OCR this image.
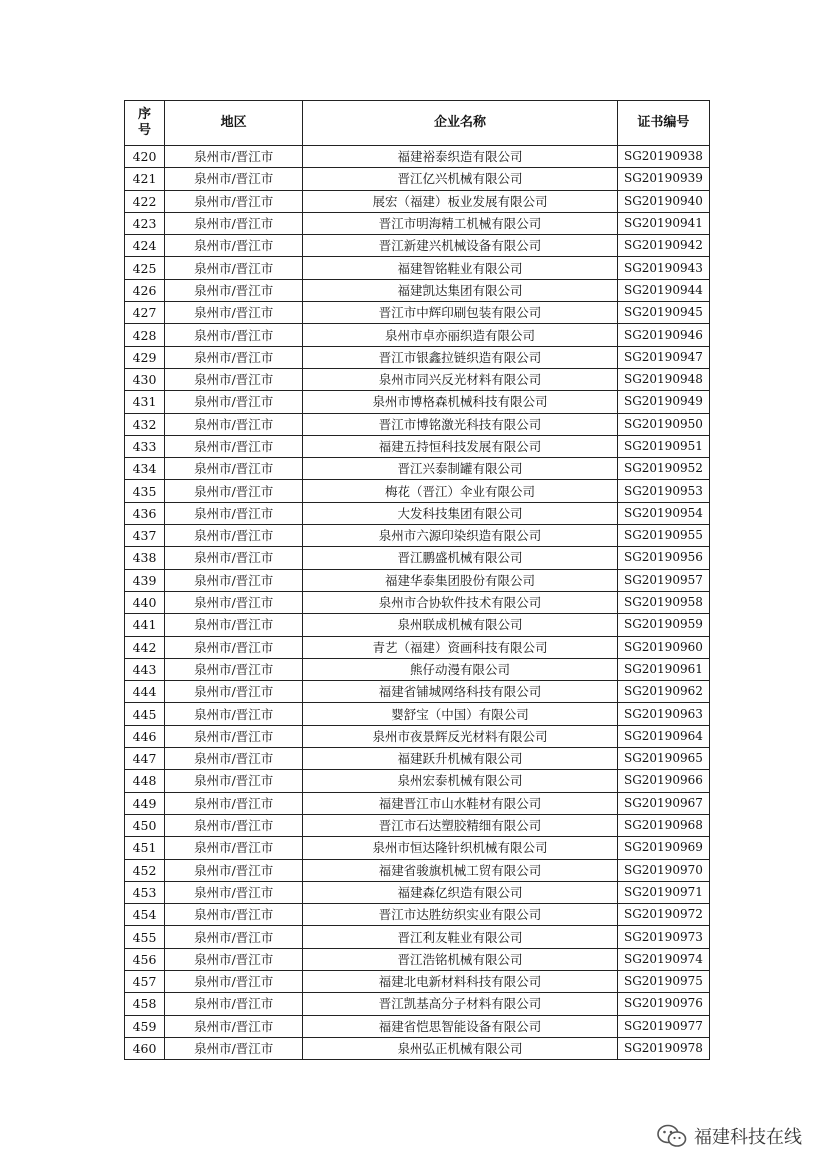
序
号	地区	企业名称	证书编号
420	泉州市/晋江市	福建裕泰织造有限公司	SG20190938
421	泉州市/晋江市	晋江亿兴机械有限公司	SG20190939
422	泉州市/晋江市	展宏（福建）板业发展有限公司	SG20190940
423	泉州市/晋江市	晋江市明海精工机械有限公司	SG20190941
424	泉州市/晋江市	晋江新建兴机械设备有限公司	SG20190942
425	泉州市/晋江市	福建智铭鞋业有限公司	SG20190943
426	泉州市/晋江市	福建凯达集团有限公司	SG20190944
427	泉州市/晋江市	晋江市中辉印刷包装有限公司	SG20190945
428	泉州市/晋江市	泉州市卓亦丽织造有限公司	SG20190946
429	泉州市/晋江市	晋江市银鑫拉链织造有限公司	SG20190947
430	泉州市/晋江市	泉州市同兴反光材料有限公司	SG20190948
431	泉州市/晋江市	泉州市博格森机械科技有限公司	SG20190949
432	泉州市/晋江市	晋江市博铭激光科技有限公司	SG20190950
433	泉州市/晋江市	福建五持恒科技发展有限公司	SG20190951
434	泉州市/晋江市	晋江兴泰制罐有限公司	SG20190952
435	泉州市/晋江市	梅花（晋江）伞业有限公司	SG20190953
436	泉州市/晋江市	大发科技集团有限公司	SG20190954
437	泉州市/晋江市	泉州市六源印染织造有限公司	SG20190955
438	泉州市/晋江市	晋江鹏盛机械有限公司	SG20190956
439	泉州市/晋江市	福建华泰集团股份有限公司	SG20190957
440	泉州市/晋江市	泉州市合协软件技术有限公司	SG20190958
441	泉州市/晋江市	泉州联成机械有限公司	SG20190959
442	泉州市/晋江市	青艺（福建）资画科技有限公司	SG20190960
443	泉州市/晋江市	熊仔动漫有限公司	SG20190961
444	泉州市/晋江市	福建省铺城网络科技有限公司	SG20190962
445	泉州市/晋江市	婴舒宝（中国）有限公司	SG20190963
446	泉州市/晋江市	泉州市夜景辉反光材料有限公司	SG20190964
447	泉州市/晋江市	福建跃升机械有限公司	SG20190965
448	泉州市/晋江市	泉州宏泰机械有限公司	SG20190966
449	泉州市/晋江市	福建晋江市山水鞋材有限公司	SG20190967
450	泉州市/晋江市	晋江市石达塑胶精细有限公司	SG20190968
451	泉州市/晋江市	泉州市恒达隆针织机械有限公司	SG20190969
452	泉州市/晋江市	福建省骏旗机械工贸有限公司	SG20190970
453	泉州市/晋江市	福建森亿织造有限公司	SG20190971
454	泉州市/晋江市	晋江市达胜纺织实业有限公司	SG20190972
455	泉州市/晋江市	晋江利友鞋业有限公司	SG20190973
456	泉州市/晋江市	晋江浩铭机械有限公司	SG20190974
457	泉州市/晋江市	福建北电新材料科技有限公司	SG20190975
458	泉州市/晋江市	晋江凯基高分子材料有限公司	SG20190976
459	泉州市/晋江市	福建省恺思智能设备有限公司	SG20190977
460	泉州市/晋江市	泉州弘正机械有限公司	SG20190978
福建科技在线
